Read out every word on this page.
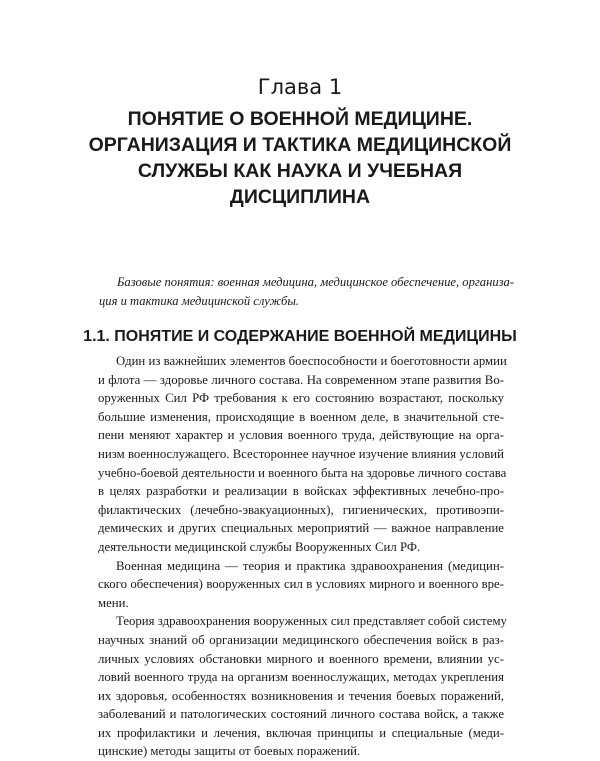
Глава 1
ПОНЯТИЕ О ВОЕННОЙ МЕДИЦИНЕ.
ОРГАНИЗАЦИЯ И ТАКТИКА МЕДИЦИНСКОЙ
СЛУЖБЫ КАК НАУКА И УЧЕБНАЯ
ДИСЦИПЛИНА
Базовые понятия: военная медицина, медицинское обеспечение, организа-
ция и тактика медицинской службы.
1.1. ПОНЯТИЕ И СОДЕРЖАНИЕ ВОЕННОЙ МЕДИЦИНЫ
Один из важнейших элементов боеспособности и боеготовности армии
и флота — здоровье личного состава. На современном этапе развития Во-
оруженных Сил РФ требования к его состоянию возрастают, поскольку
большие изменения, происходящие в военном деле, в значительной сте-
пени меняют характер и условия военного труда, действующие на орга-
низм военнослужащего. Всестороннее научное изучение влияния условий
учебно-боевой деятельности и военного быта на здоровье личного состава
в целях разработки и реализации в войсках эффективных лечебно-про-
филактических (лечебно-эвакуационных), гигиенических, противоэпи-
демических и других специальных мероприятий — важное направление
деятельности медицинской службы Вооруженных Сил РФ.
Военная медицина — теория и практика здравоохранения (медицин-
ского обеспечения) вооруженных сил в условиях мирного и военного вре-
мени.
Теория здравоохранения вооруженных сил представляет собой систему
научных знаний об организации медицинского обеспечения войск в раз-
личных условиях обстановки мирного и военного времени, влиянии ус-
ловий военного труда на организм военнослужащих, методах укрепления
их здоровья, особенностях возникновения и течения боевых поражений,
заболеваний и патологических состояний личного состава войск, а также
их профилактики и лечения, включая принципы и специальные (меди-
цинские) методы защиты от боевых поражений.
